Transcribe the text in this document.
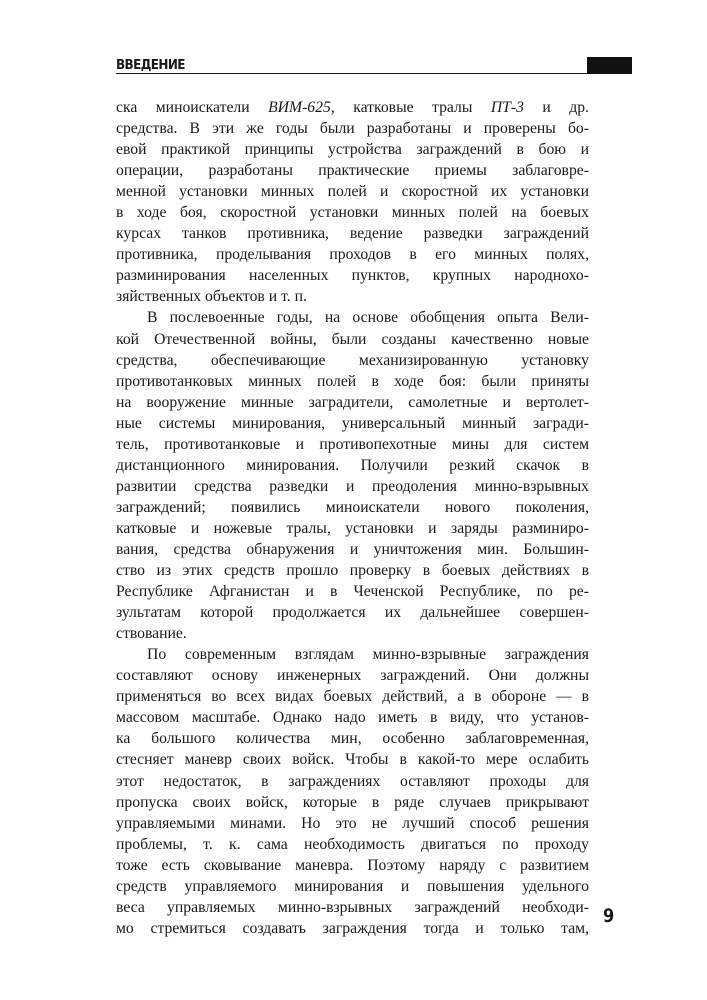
ВВЕДЕНИЕ
ска миноискатели ВИМ-625, катковые тралы ПТ-3 и др.
средства. В эти же годы были разработаны и проверены бо-
евой практикой принципы устройства заграждений в бою и
операции, разработаны практические приемы заблаговре-
менной установки минных полей и скоростной их установки
в ходе боя, скоростной установки минных полей на боевых
курсах танков противника, ведение разведки заграждений
противника, проделывания проходов в его минных полях,
разминирования населенных пунктов, крупных народнохо-
зяйственных объектов и т. п.
В послевоенные годы, на основе обобщения опыта Вели-
кой Отечественной войны, были созданы качественно новые
средства, обеспечивающие механизированную установку
противотанковых минных полей в ходе боя: были приняты
на вооружение минные заградители, самолетные и вертолет-
ные системы минирования, универсальный минный загради-
тель, противотанковые и противопехотные мины для систем
дистанционного минирования. Получили резкий скачок в
развитии средства разведки и преодоления минно-взрывных
заграждений; появились миноискатели нового поколения,
катковые и ножевые тралы, установки и заряды разминиро-
вания, средства обнаружения и уничтожения мин. Большин-
ство из этих средств прошло проверку в боевых действиях в
Республике Афганистан и в Чеченской Республике, по ре-
зультатам которой продолжается их дальнейшее совершен-
ствование.
По современным взглядам минно-взрывные заграждения
составляют основу инженерных заграждений. Они должны
применяться во всех видах боевых действий, а в обороне — в
массовом масштабе. Однако надо иметь в виду, что установ-
ка большого количества мин, особенно заблаговременная,
стесняет маневр своих войск. Чтобы в какой-то мере ослабить
этот недостаток, в заграждениях оставляют проходы для
пропуска своих войск, которые в ряде случаев прикрывают
управляемыми минами. Но это не лучший способ решения
проблемы, т. к. сама необходимость двигаться по проходу
тоже есть сковывание маневра. Поэтому наряду с развитием
средств управляемого минирования и повышения удельного
веса управляемых минно-взрывных заграждений необходи-
мо стремиться создавать заграждения тогда и только там,
9
